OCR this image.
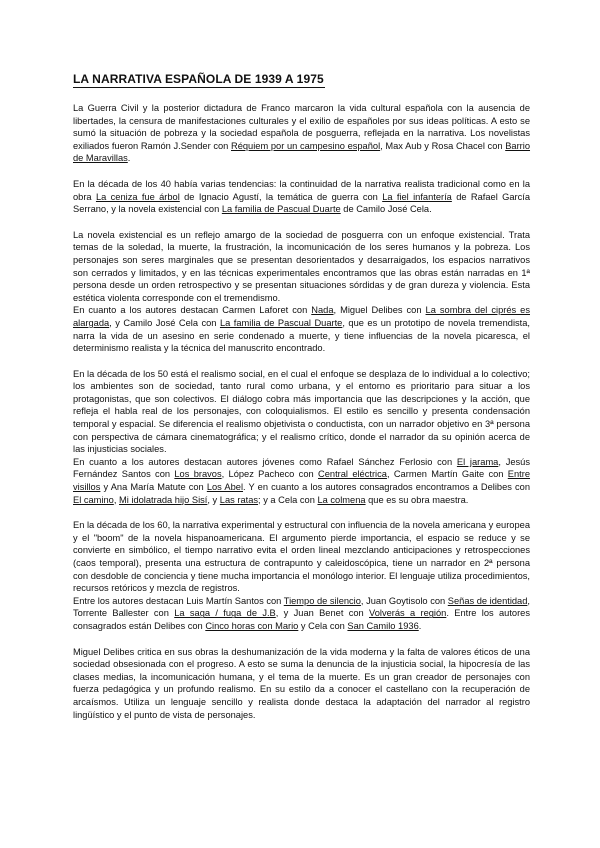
LA NARRATIVA ESPAÑOLA DE 1939 A 1975

La Guerra Civil y la posterior dictadura de Franco marcaron la vida cultural española con la ausencia de libertades, la censura de manifestaciones culturales y el exilio de españoles por sus ideas políticas. A esto se sumó la situación de pobreza y la sociedad española de posguerra, reflejada en la narrativa. Los novelistas exiliados fueron Ramón J.Sender con Réquiem por un campesino español, Max Aub y Rosa Chacel con Barrio de Maravillas.

En la década de los 40 había varias tendencias: la continuidad de la narrativa realista tradicional como en la obra La ceniza fue árbol de Ignacio Agustí, la temática de guerra con La fiel infantería de Rafael García Serrano, y la novela existencial con La familia de Pascual Duarte de Camilo José Cela.

La novela existencial es un reflejo amargo de la sociedad de posguerra con un enfoque existencial. Trata temas de la soledad, la muerte, la frustración, la incomunicación de los seres humanos y la pobreza. Los personajes son seres marginales que se presentan desorientados y desarraigados, los espacios narrativos son cerrados y limitados, y en las técnicas experimentales encontramos que las obras están narradas en 1ª persona desde un orden retrospectivo y se presentan situaciones sórdidas y de gran dureza y violencia. Esta estética violenta corresponde con el tremendismo.

En cuanto a los autores destacan Carmen Laforet con Nada, Miguel Delibes con La sombra del ciprés es alargada, y Camilo José Cela con La familia de Pascual Duarte, que es un prototipo de novela tremendista, narra la vida de un asesino en serie condenado a muerte, y tiene influencias de la novela picaresca, el determinismo realista y la técnica del manuscrito encontrado.

En la década de los 50 está el realismo social, en el cual el enfoque se desplaza de lo individual a lo colectivo; los ambientes son de sociedad, tanto rural como urbana, y el entorno es prioritario para situar a los protagonistas, que son colectivos. El diálogo cobra más importancia que las descripciones y la acción, que refleja el habla real de los personajes, con coloquialismos. El estilo es sencillo y presenta condensación temporal y espacial. Se diferencia el realismo objetivista o conductista, con un narrador objetivo en 3ª persona con perspectiva de cámara cinematográfica; y el realismo crítico, donde el narrador da su opinión acerca de las injusticias sociales.

En cuanto a los autores destacan autores jóvenes como Rafael Sánchez Ferlosio con El jarama, Jesús Fernández Santos con Los bravos, López Pacheco con Central eléctrica, Carmen Martín Gaite con Entre visillos y Ana María Matute con Los Abel. Y en cuanto a los autores consagrados encontramos a Delibes con El camino, Mi idolatrada hijo Sisí, y Las ratas; y a Cela con La colmena que es su obra maestra.

En la década de los 60, la narrativa experimental y estructural con influencia de la novela americana y europea y el "boom" de la novela hispanoamericana. El argumento pierde importancia, el espacio se reduce y se convierte en simbólico, el tiempo narrativo evita el orden lineal mezclando anticipaciones y retrospecciones (caos temporal), presenta una estructura de contrapunto y caleidoscópica, tiene un narrador en 2ª persona con desdoble de conciencia y tiene mucha importancia el monólogo interior. El lenguaje utiliza procedimientos, recursos retóricos y mezcla de registros.

Entre los autores destacan Luis Martín Santos con Tiempo de silencio, Juan Goytisolo con Señas de identidad, Torrente Ballester con La saga / fuga de J.B, y Juan Benet con Volverás a región. Entre los autores consagrados están Delibes con Cinco horas con Mario y Cela con San Camilo 1936.

Miguel Delibes critica en sus obras la deshumanización de la vida moderna y la falta de valores éticos de una sociedad obsesionada con el progreso. A esto se suma la denuncia de la injusticia social, la hipocresía de las clases medias, la incomunicación humana, y el tema de la muerte. Es un gran creador de personajes con fuerza pedagógica y un profundo realismo. En su estilo da a conocer el castellano con la recuperación de arcaísmos. Utiliza un lenguaje sencillo y realista donde destaca la adaptación del narrador al registro lingüístico y el punto de vista de personajes.
